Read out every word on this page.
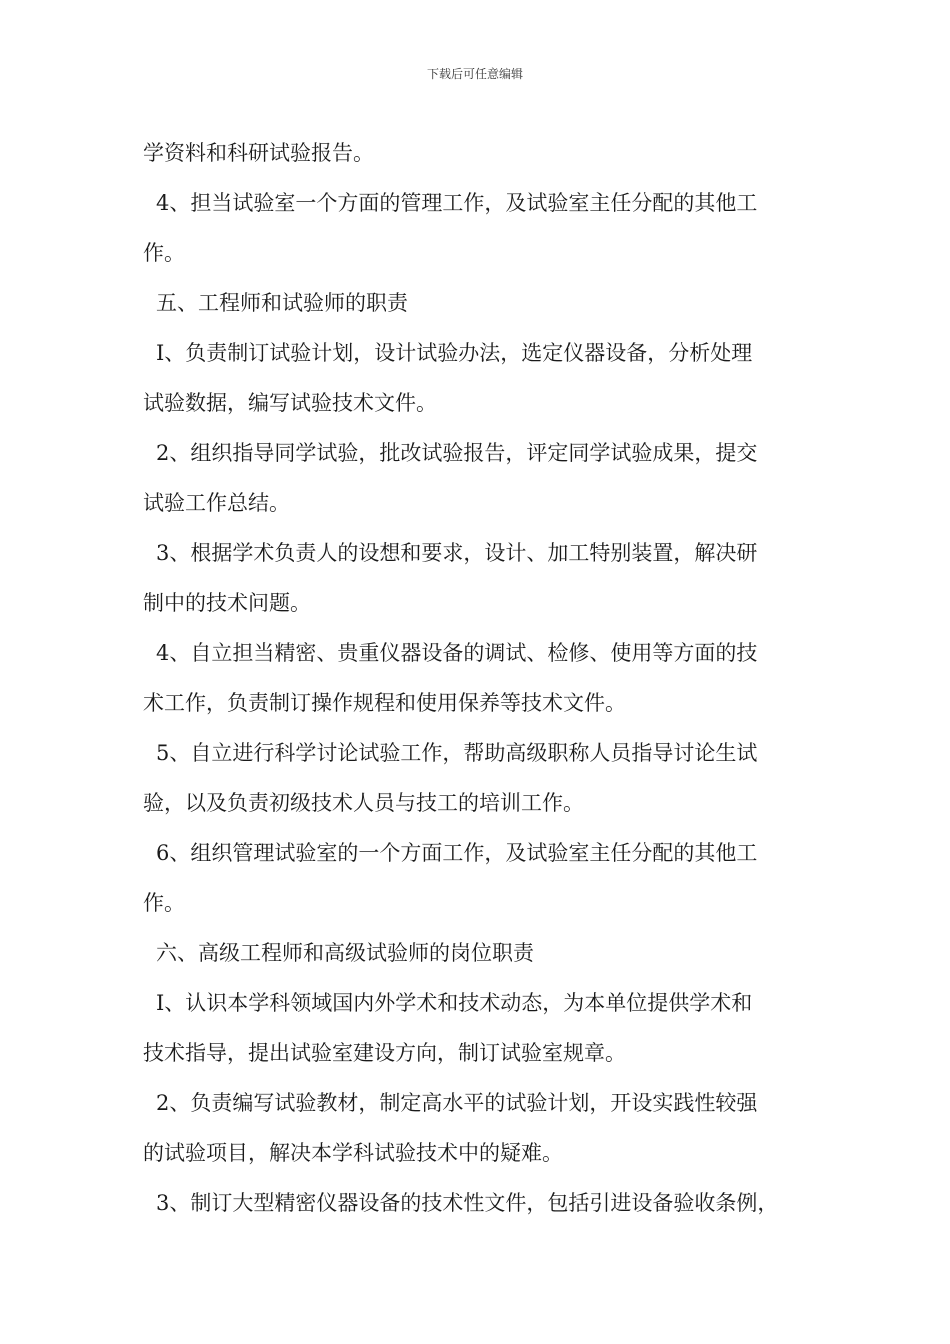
下载后可任意编辑
学资料和科研试验报告。
4、担当试验室一个方面的管理工作，及试验室主任分配的其他工
作。
五、工程师和试验师的职责
I、负责制订试验计划，设计试验办法，选定仪器设备，分析处理
试验数据，编写试验技术文件。
2、组织指导同学试验，批改试验报告，评定同学试验成果，提交
试验工作总结。
3、根据学术负责人的设想和要求，设计、加工特别装置，解决研
制中的技术问题。
4、自立担当精密、贵重仪器设备的调试、检修、使用等方面的技
术工作，负责制订操作规程和使用保养等技术文件。
5、自立进行科学讨论试验工作，帮助高级职称人员指导讨论生试
验，以及负责初级技术人员与技工的培训工作。
6、组织管理试验室的一个方面工作，及试验室主任分配的其他工
作。
六、高级工程师和高级试验师的岗位职责
I、认识本学科领域国内外学术和技术动态，为本单位提供学术和
技术指导，提出试验室建设方向，制订试验室规章。
2、负责编写试验教材，制定高水平的试验计划，开设实践性较强
的试验项目，解决本学科试验技术中的疑难。
3、制订大型精密仪器设备的技术性文件，包括引进设备验收条例，
